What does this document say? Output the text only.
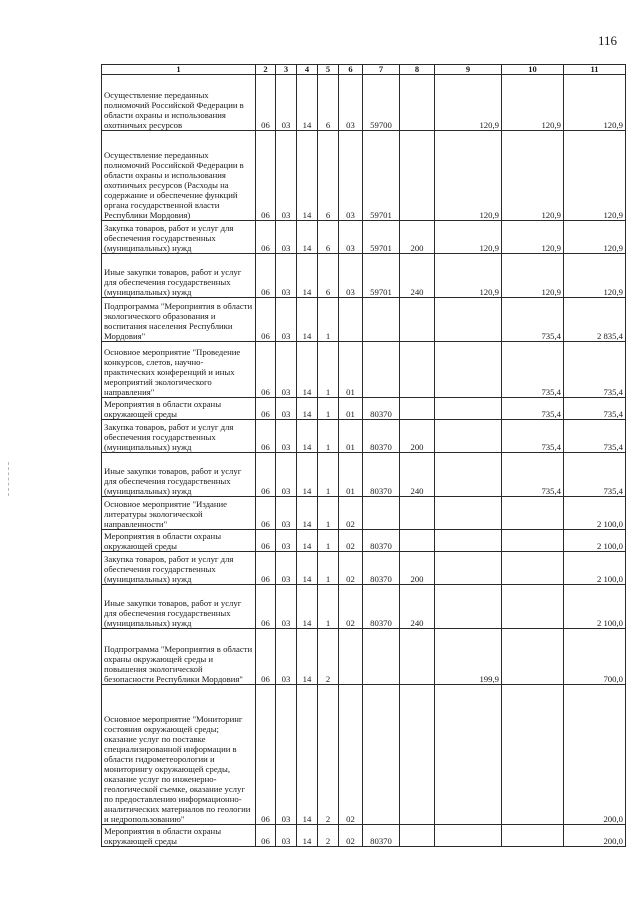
116
1	2	3	4	5	6	7	8	9	10	11
Осуществление переданных полномочий Российской Федерации в области охраны и использования охотничьих ресурсов	06	03	14	6	03	59700		120,9	120,9	120,9
Осуществление переданных полномочий Российской Федерации в области охраны и использования охотничьих ресурсов (Расходы на содержание и обеспечение функций органа государственной власти Республики Мордовия)	06	03	14	6	03	59701		120,9	120,9	120,9
Закупка товаров, работ и услуг для обеспечения государственных (муниципальных) нужд	06	03	14	6	03	59701	200	120,9	120,9	120,9
Иные закупки товаров, работ и услуг для обеспечения государственных (муниципальных) нужд	06	03	14	6	03	59701	240	120,9	120,9	120,9
Подпрограмма "Мероприятия в области экологического образования и воспитания населения Республики Мордовия"	06	03	14	1					735,4	2 835,4
Основное мероприятие "Проведение конкурсов, слетов, научно-практических конференций и иных мероприятий экологического направления"	06	03	14	1	01				735,4	735,4
Мероприятия в области охраны окружающей среды	06	03	14	1	01	80370			735,4	735,4
Закупка товаров, работ и услуг для обеспечения государственных (муниципальных) нужд	06	03	14	1	01	80370	200		735,4	735,4
Иные закупки товаров, работ и услуг для обеспечения государственных (муниципальных) нужд	06	03	14	1	01	80370	240		735,4	735,4
Основное мероприятие "Издание литературы экологической направленности"	06	03	14	1	02					2 100,0
Мероприятия в области охраны окружающей среды	06	03	14	1	02	80370				2 100,0
Закупка товаров, работ и услуг для обеспечения государственных (муниципальных) нужд	06	03	14	1	02	80370	200			2 100,0
Иные закупки товаров, работ и услуг для обеспечения государственных (муниципальных) нужд	06	03	14	1	02	80370	240			2 100,0
Подпрограмма "Мероприятия в области охраны окружающей среды и повышения экологической безопасности Республики Мордовия"	06	03	14	2				199,9		700,0
Основное мероприятие "Мониторинг состояния окружающей среды; оказание услуг по поставке специализированной информации в области гидрометеорологии и мониторингу окружающей среды, оказание услуг по инженерно-геологической съемке, оказание услуг по предоставлению информационно-аналитических материалов по геологии и недропользованию"	06	03	14	2	02					200,0
Мероприятия в области охраны окружающей среды	06	03	14	2	02	80370				200,0
